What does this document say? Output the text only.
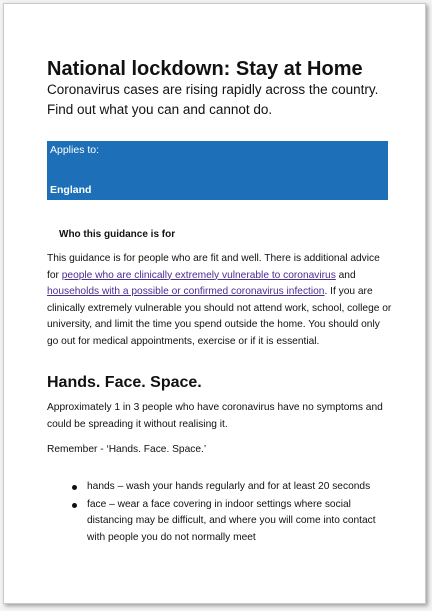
National lockdown: Stay at Home

Coronavirus cases are rising rapidly across the country. Find out what you can and cannot do.

Applies to:
England
Who this guidance is for

This guidance is for people who are fit and well. There is additional advice for people who are clinically extremely vulnerable to coronavirus and households with a possible or confirmed coronavirus infection. If you are clinically extremely vulnerable you should not attend work, school, college or university, and limit the time you spend outside the home. You should only go out for medical appointments, exercise or if it is essential.

Hands. Face. Space.

Approximately 1 in 3 people who have coronavirus have no symptoms and could be spreading it without realising it.

Remember - ‘Hands. Face. Space.’

hands – wash your hands regularly and for at least 20 seconds
face – wear a face covering in indoor settings where social distancing may be difficult, and where you will come into contact with people you do not normally meet
